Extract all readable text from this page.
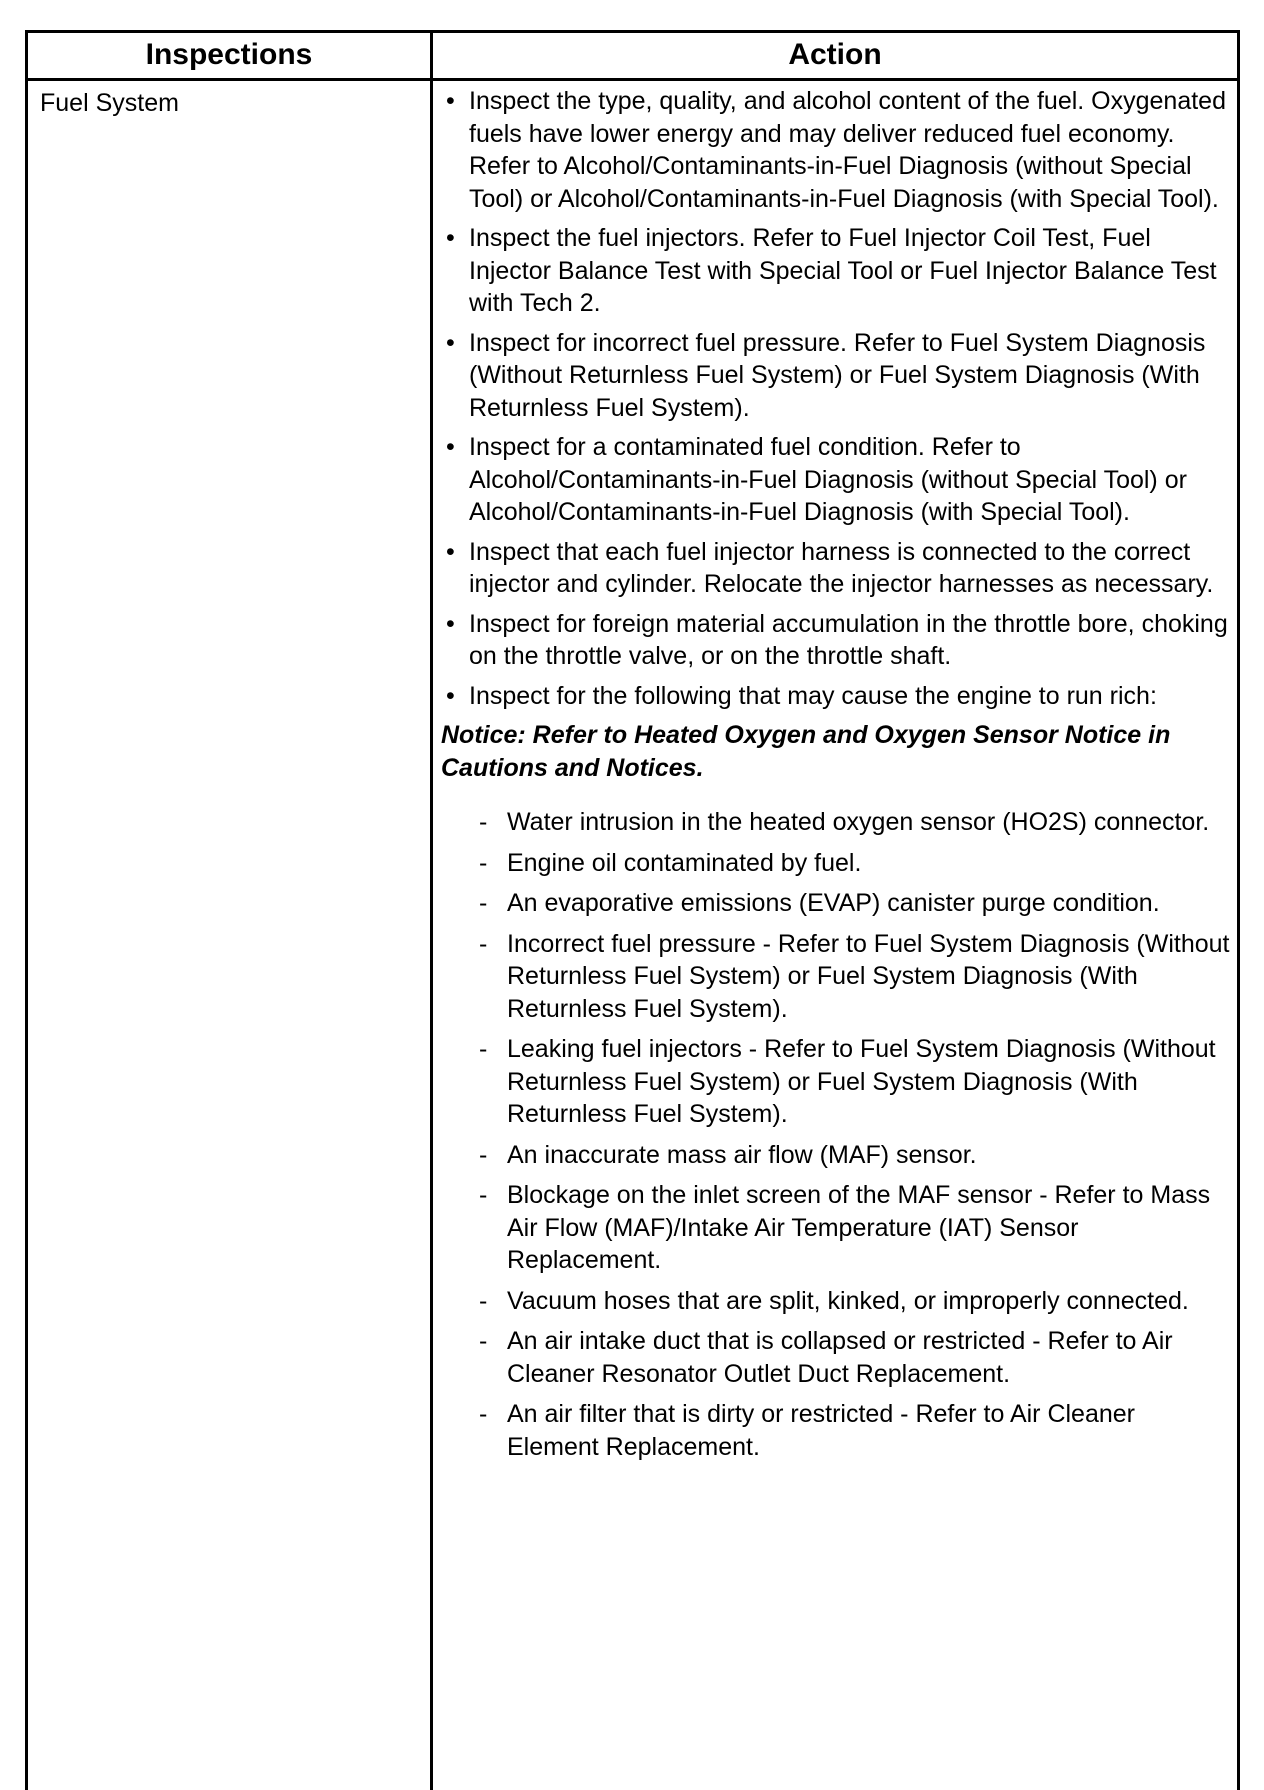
Inspections	Action
Fuel System	• Inspect the type, quality, and alcohol content of the fuel. Oxygenated fuels have lower energy and may deliver reduced fuel economy. Refer to Alcohol/Contaminants-in-Fuel Diagnosis (without Special Tool) or Alcohol/Contaminants-in-Fuel Diagnosis (with Special Tool).
• Inspect the fuel injectors. Refer to Fuel Injector Coil Test, Fuel Injector Balance Test with Special Tool or Fuel Injector Balance Test with Tech 2.
• Inspect for incorrect fuel pressure. Refer to Fuel System Diagnosis (Without Returnless Fuel System) or Fuel System Diagnosis (With Returnless Fuel System).
• Inspect for a contaminated fuel condition. Refer to Alcohol/Contaminants-in-Fuel Diagnosis (without Special Tool) or Alcohol/Contaminants-in-Fuel Diagnosis (with Special Tool).
• Inspect that each fuel injector harness is connected to the correct injector and cylinder. Relocate the injector harnesses as necessary.
• Inspect for foreign material accumulation in the throttle bore, choking on the throttle valve, or on the throttle shaft.
• Inspect for the following that may cause the engine to run rich:
Notice: Refer to Heated Oxygen and Oxygen Sensor Notice in Cautions and Notices.
- Water intrusion in the heated oxygen sensor (HO2S) connector.
- Engine oil contaminated by fuel.
- An evaporative emissions (EVAP) canister purge condition.
- Incorrect fuel pressure - Refer to Fuel System Diagnosis (Without Returnless Fuel System) or Fuel System Diagnosis (With Returnless Fuel System).
- Leaking fuel injectors - Refer to Fuel System Diagnosis (Without Returnless Fuel System) or Fuel System Diagnosis (With Returnless Fuel System).
- An inaccurate mass air flow (MAF) sensor.
- Blockage on the inlet screen of the MAF sensor - Refer to Mass Air Flow (MAF)/Intake Air Temperature (IAT) Sensor Replacement.
- Vacuum hoses that are split, kinked, or improperly connected.
- An air intake duct that is collapsed or restricted - Refer to Air Cleaner Resonator Outlet Duct Replacement.
- An air filter that is dirty or restricted - Refer to Air Cleaner Element Replacement.
